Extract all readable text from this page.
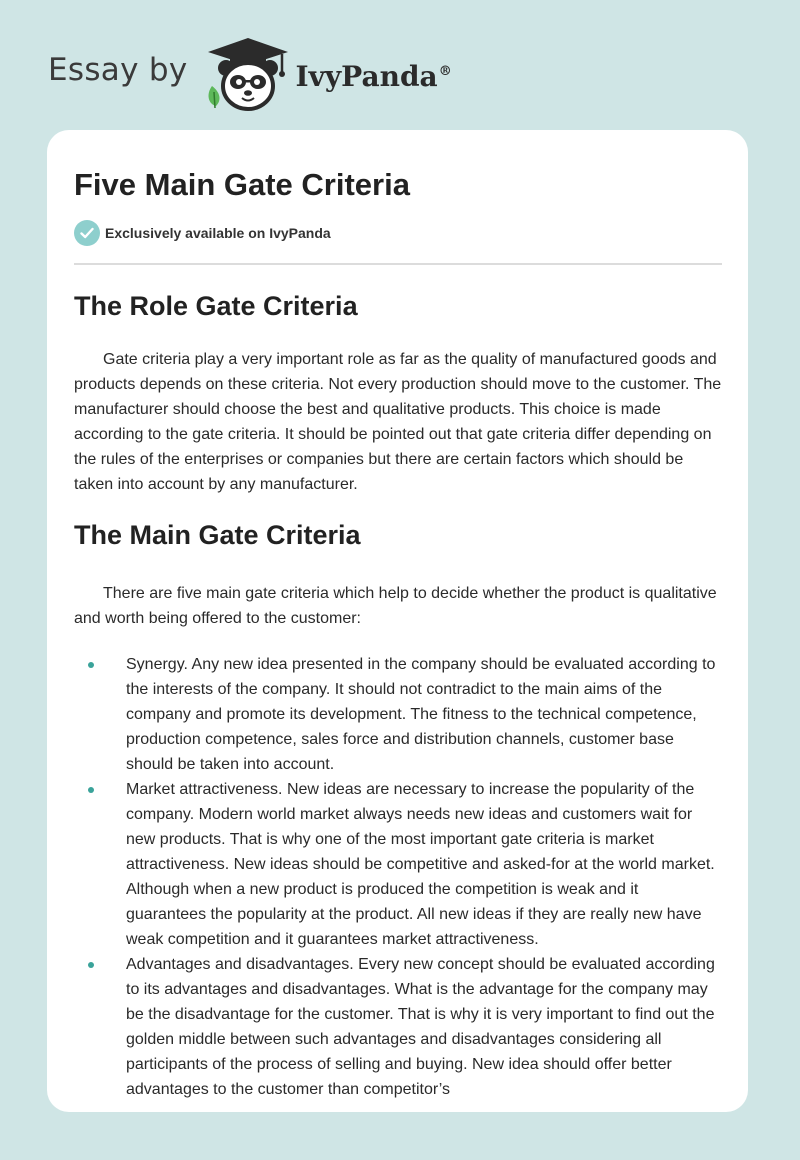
Essay by	IvyPanda®
Five Main Gate Criteria
Exclusively available on IvyPanda
The Role Gate Criteria

Gate criteria play a very important role as far as the quality of manufactured goods and products depends on these criteria. Not every production should move to the customer. The manufacturer should choose the best and qualitative products. This choice is made according to the gate criteria. It should be pointed out that gate criteria differ depending on the rules of the enterprises or companies but there are certain factors which should be taken into account by any manufacturer.

The Main Gate Criteria

There are five main gate criteria which help to decide whether the product is qualitative and worth being offered to the customer:

Synergy. Any new idea presented in the company should be evaluated according to the interests of the company. It should not contradict to the main aims of the company and promote its development. The fitness to the technical competence, production competence, sales force and distribution channels, customer base should be taken into account.
Market attractiveness. New ideas are necessary to increase the popularity of the company. Modern world market always needs new ideas and customers wait for new products. That is why one of the most important gate criteria is market attractiveness. New ideas should be competitive and asked-for at the world market. Although when a new product is produced the competition is weak and it guarantees the popularity at the product. All new ideas if they are really new have weak competition and it guarantees market attractiveness.
Advantages and disadvantages. Every new concept should be evaluated according to its advantages and disadvantages. What is the advantage for the company may be the disadvantage for the customer. That is why it is very important to find out the golden middle between such advantages and disadvantages considering all participants of the process of selling and buying. New idea should offer better advantages to the customer than competitor’s
